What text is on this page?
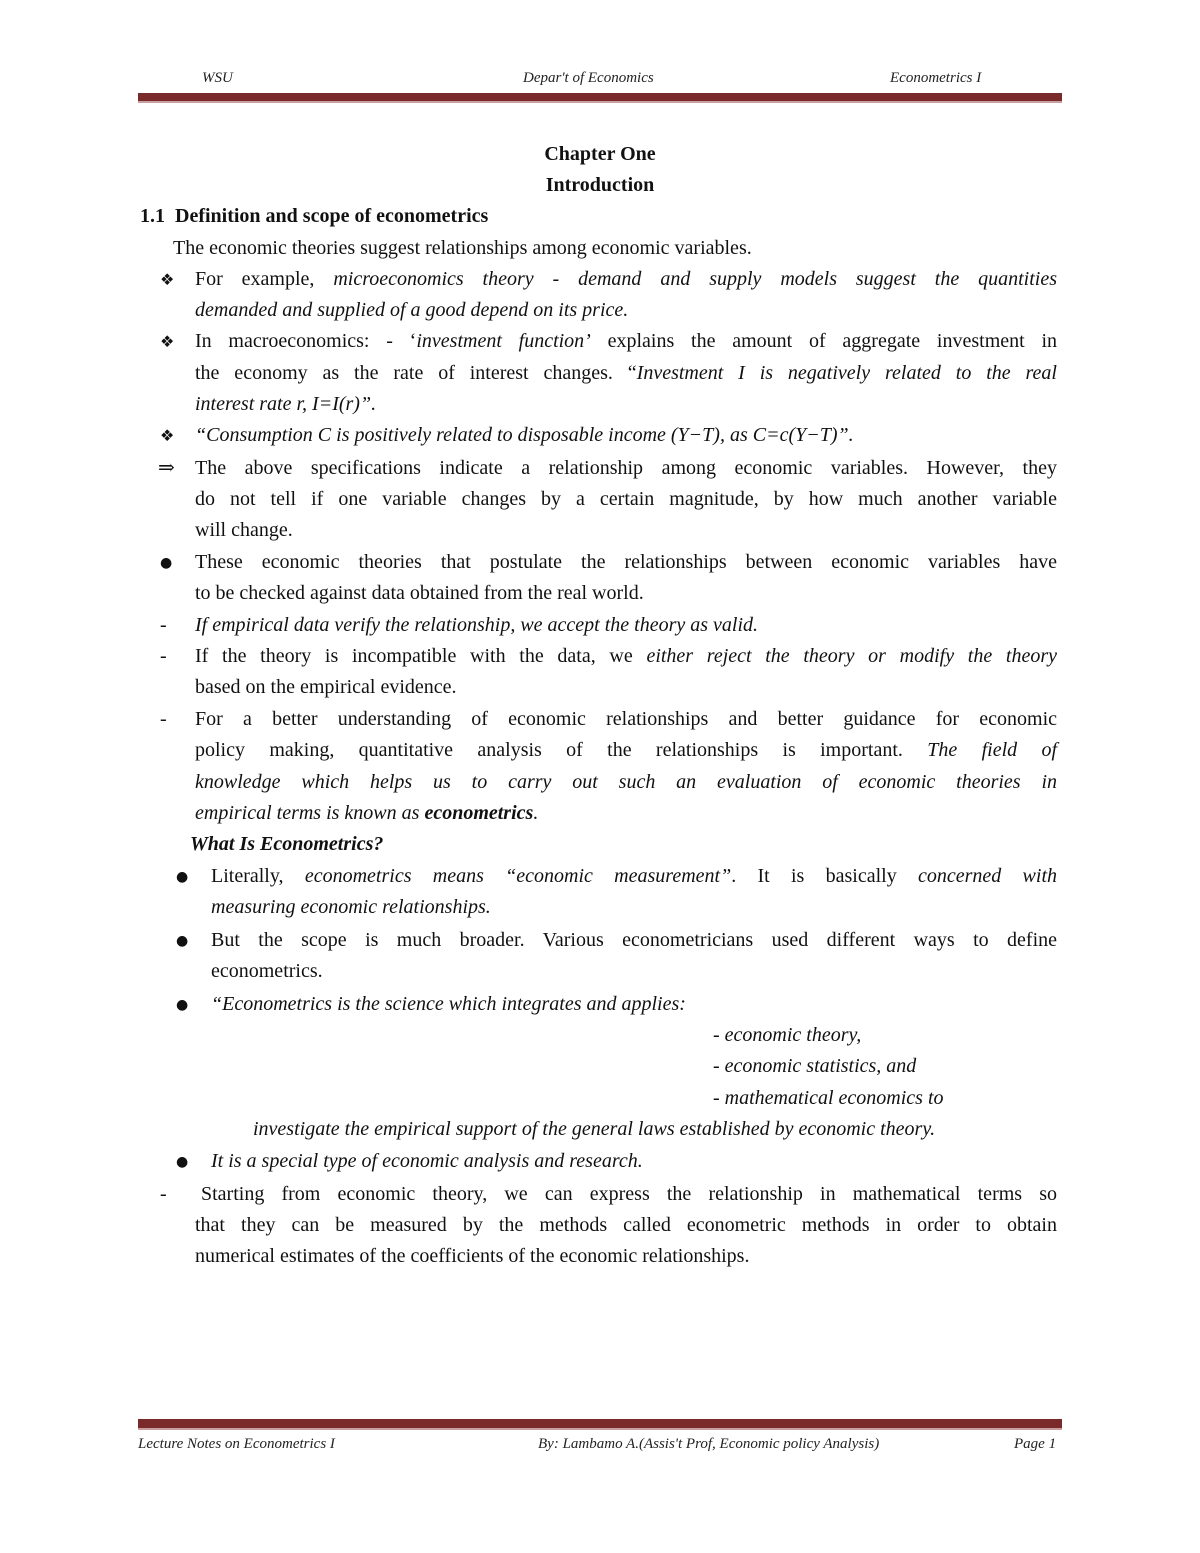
WSU	Depar't of Economics	Econometrics I
Chapter One
Introduction
1.1 Definition and scope of econometrics
The economic theories suggest relationships among economic variables.
❖ For example, microeconomics theory - demand and supply models suggest the quantities
demanded and supplied of a good depend on its price.
❖ In macroeconomics: - ‘investment function’ explains the amount of aggregate investment in
the economy as the rate of interest changes. “Investment I is negatively related to the real
interest rate r, I=I(r)”.
❖ “Consumption C is positively related to disposable income (Y−T), as C=c(Y−T)”.
⇒ The above specifications indicate a relationship among economic variables. However, they
do not tell if one variable changes by a certain magnitude, by how much another variable
will change.
● These economic theories that postulate the relationships between economic variables have
to be checked against data obtained from the real world.
- If empirical data verify the relationship, we accept the theory as valid.
- If the theory is incompatible with the data, we either reject the theory or modify the theory
based on the empirical evidence.
- For a better understanding of economic relationships and better guidance for economic
policy making, quantitative analysis of the relationships is important. The field of
knowledge which helps us to carry out such an evaluation of economic theories in
empirical terms is known as econometrics.
What Is Econometrics?
● Literally, econometrics means “economic measurement”. It is basically concerned with
measuring economic relationships.
● But the scope is much broader. Various econometricians used different ways to define
econometrics.
● “Econometrics is the science which integrates and applies:
- economic theory,
- economic statistics, and
- mathematical economics to
investigate the empirical support of the general laws established by economic theory.
● It is a special type of economic analysis and research.
- Starting from economic theory, we can express the relationship in mathematical terms so
that they can be measured by the methods called econometric methods in order to obtain
numerical estimates of the coefficients of the economic relationships.
Lecture Notes on Econometrics I	By: Lambamo A.(Assis't Prof, Economic policy Analysis)	Page 1
